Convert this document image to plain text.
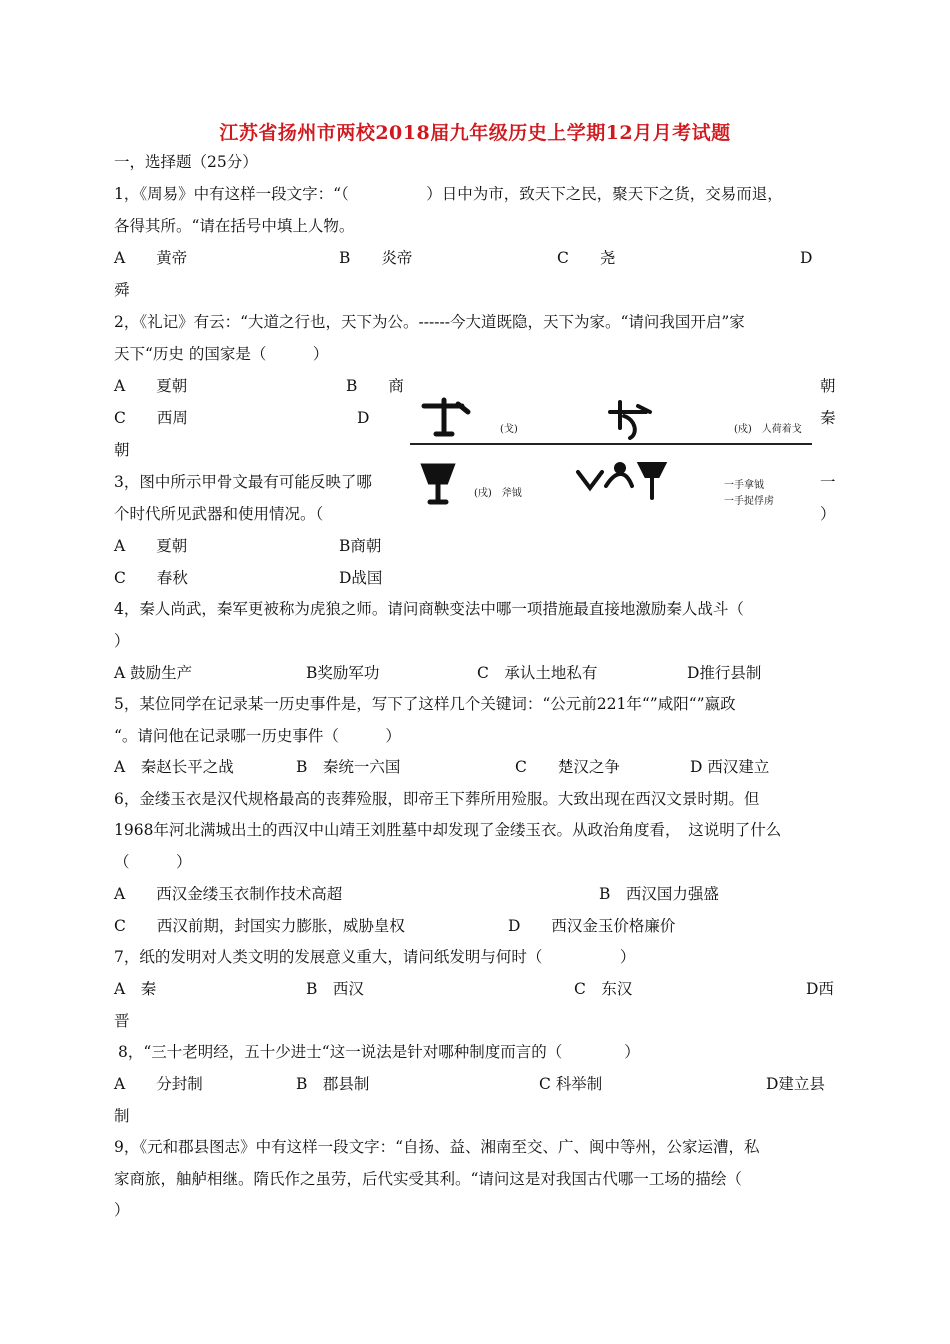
江苏省扬州市两校2018届九年级历史上学期12月月考试题
一，选择题（25分）
1，《周易》中有这样一段文字：“（　　　　　）日中为市，致天下之民，聚天下之货，交易而退，
各得其所。“请在括号中填上人物。
A　　黄帝	B　　炎帝	C　　尧	D
舜
2，《礼记》有云：“大道之行也，天下为公。------今大道既隐，天下为家。“请问我国开启”家
天下“历史 的国家是（　　　）
A　　夏朝	B　　商	朝
C　　西周	D	秦
朝
3，图中所示甲骨文最有可能反映了哪	一
个时代所见武器和使用情况。（	）
A　　夏朝	B商朝
C　　春秋	D战国
(戈)	(戍)　人荷着戈
(戌)　斧钺
一手拿钺
一手捉俘虏
4，秦人尚武，秦军更被称为虎狼之师。请问商鞅变法中哪一项措施最直接地激励秦人战斗（
）
A 鼓励生产	B奖励军功	C　承认土地私有	D推行县制
5，某位同学在记录某一历史事件是，写下了这样几个关键词：“公元前221年“”咸阳“”嬴政
“。请问他在记录哪一历史事件（　　　）
A　秦赵长平之战	B　秦统一六国	C　　楚汉之争	D 西汉建立
6，金缕玉衣是汉代规格最高的丧葬殓服，即帝王下葬所用殓服。大致出现在西汉文景时期。但
1968年河北满城出土的西汉中山靖王刘胜墓中却发现了金缕玉衣。从政治角度看，　这说明了什么
（　　　）
A　　西汉金缕玉衣制作技术高超	B　西汉国力强盛
C　　西汉前期，封国实力膨胀，威胁皇权	D　　西汉金玉价格廉价
7，纸的发明对人类文明的发展意义重大，请问纸发明与何时（　　　　　）
A　秦	B　西汉	C　东汉	D西
晋
8，“三十老明经，五十少进士“这一说法是针对哪种制度而言的（　　　　）
A　　分封制	B　郡县制	C 科举制	D建立县
制
9，《元和郡县图志》中有这样一段文字：“自扬、益、湘南至交、广、闽中等州，公家运漕，私
家商旅，舳舻相继。隋氏作之虽劳，后代实受其利。“请问这是对我国古代哪一工场的描绘（
）
